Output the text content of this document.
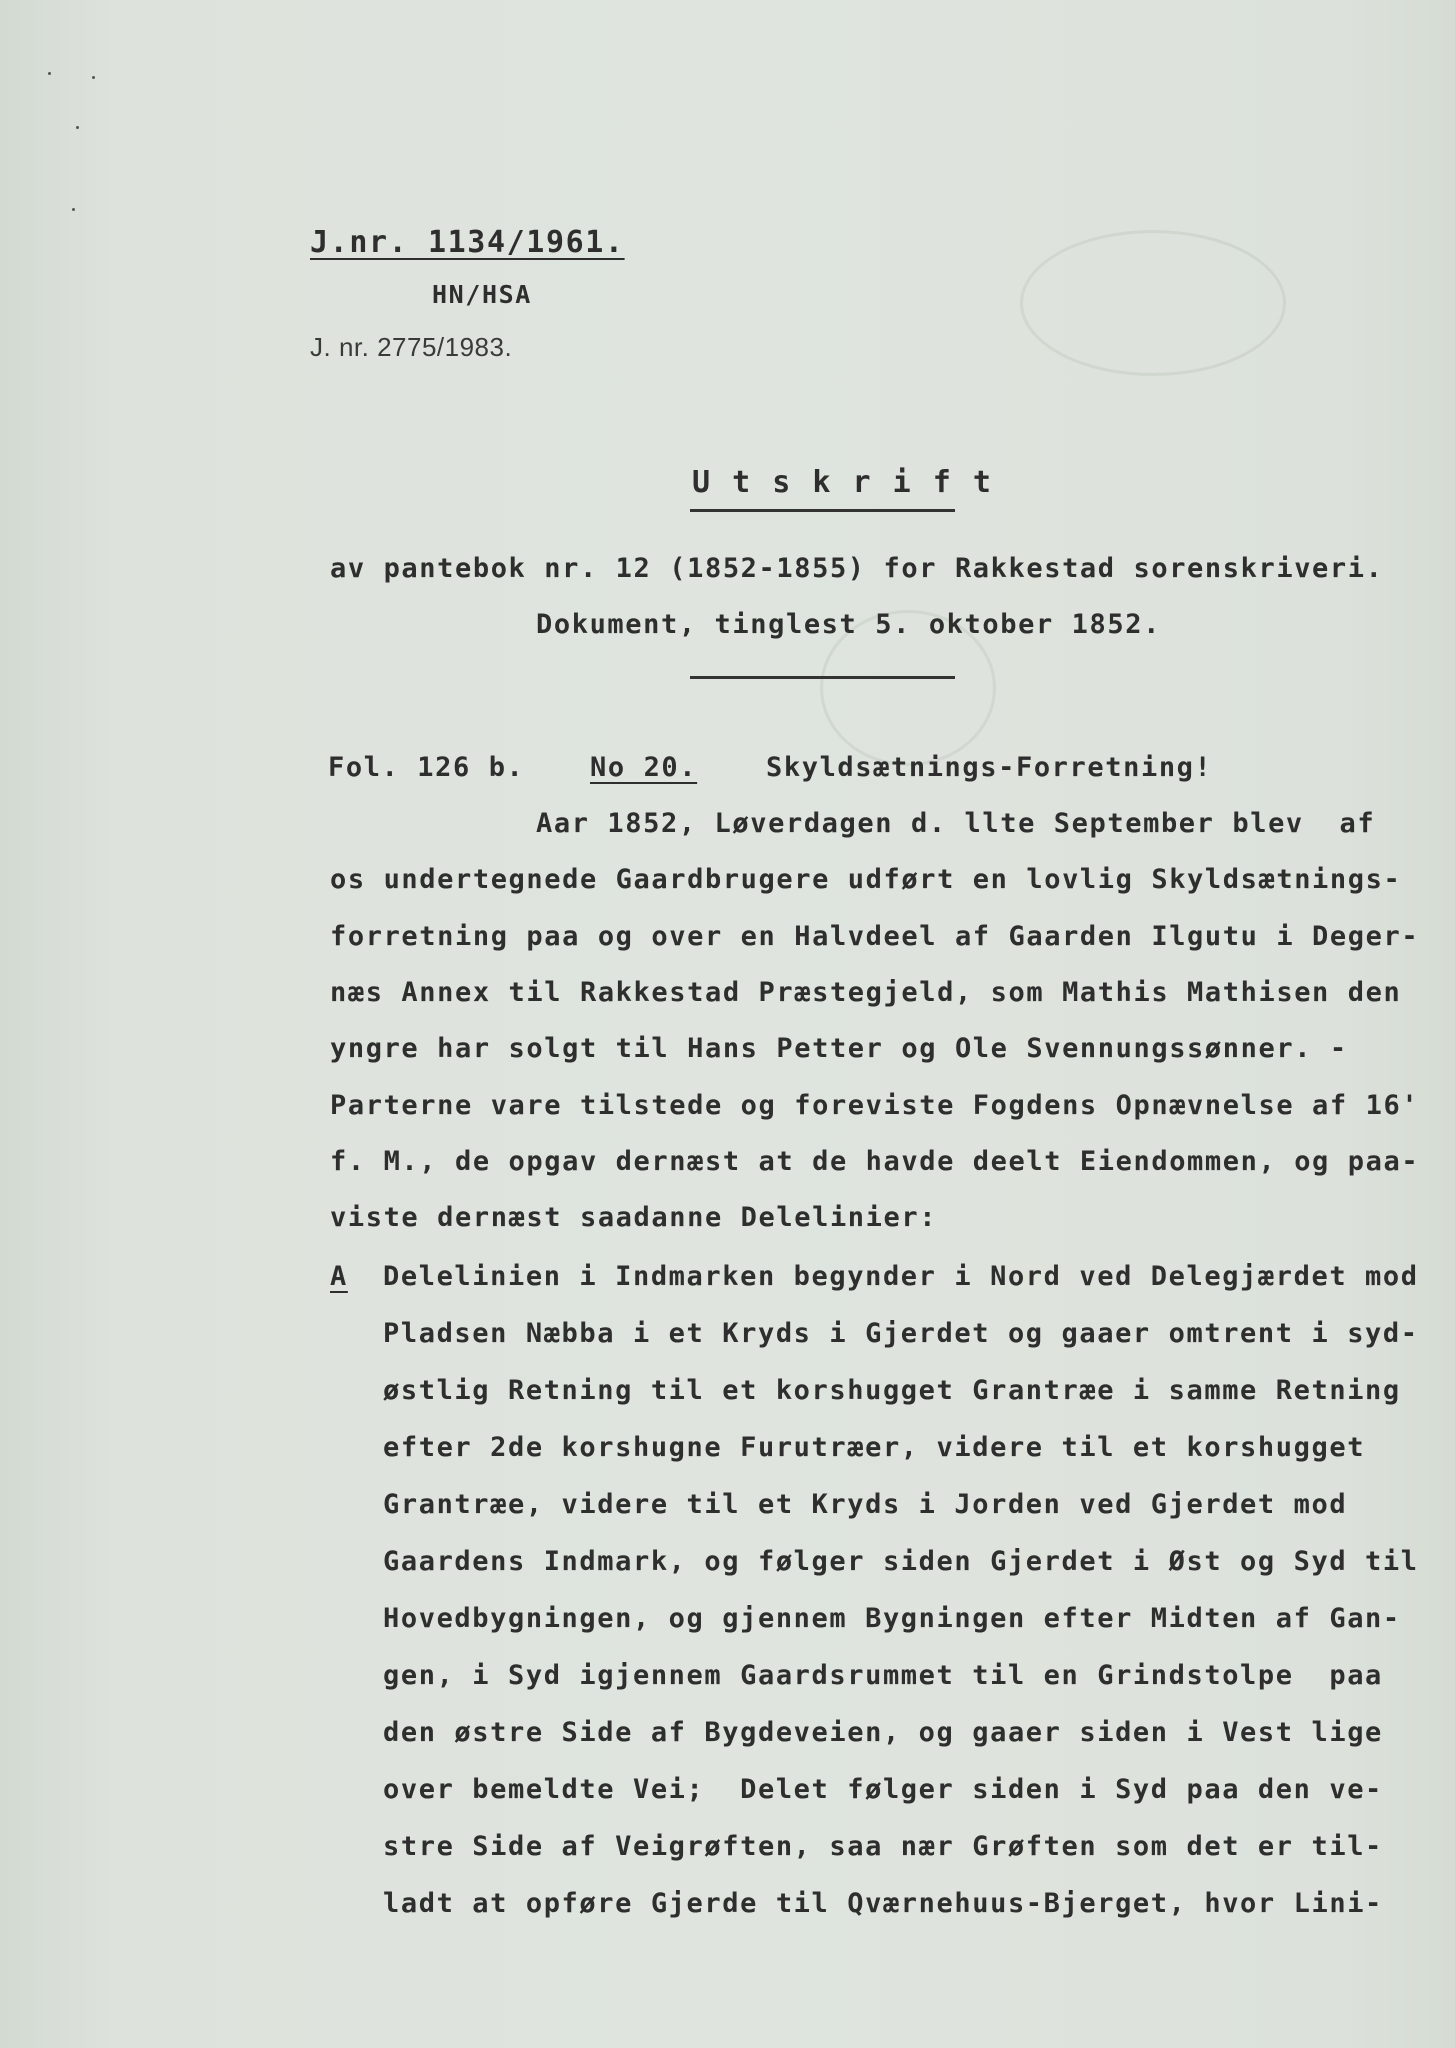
J.nr. 1134/1961.
HN/HSA
J. nr. 2775/1983.
U t s k r i f t
av pantebok nr. 12 (1852-1855) for Rakkestad sorenskriveri.
Dokument, tinglest 5. oktober 1852.
Fol. 126 b. No 20.	Skyldsætnings-Forretning!
Aar 1852, Løverdagen d. llte September blev  af
os undertegnede Gaardbrugere udført en lovlig Skyldsætnings-
forretning paa og over en Halvdeel af Gaarden Ilgutu i Deger-
næs Annex til Rakkestad Præstegjeld, som Mathis Mathisen den
yngre har solgt til Hans Petter og Ole Svennungssønner. -
Parterne vare tilstede og foreviste Fogdens Opnævnelse af 16'
f. M., de opgav dernæst at de havde deelt Eiendommen, og paa-
viste dernæst saadanne Delelinier:
A Delelinien i Indmarken begynder i Nord ved Delegjærdet mod
Pladsen Næbba i et Kryds i Gjerdet og gaaer omtrent i syd-
østlig Retning til et korshugget Grantræe i samme Retning
efter 2de korshugne Furutræer, videre til et korshugget
Grantræe, videre til et Kryds i Jorden ved Gjerdet mod
Gaardens Indmark, og følger siden Gjerdet i Øst og Syd til
Hovedbygningen, og gjennem Bygningen efter Midten af Gan-
gen, i Syd igjennem Gaardsrummet til en Grindstolpe  paa
den østre Side af Bygdeveien, og gaaer siden i Vest lige
over bemeldte Vei;  Delet følger siden i Syd paa den ve-
stre Side af Veigrøften, saa nær Grøften som det er til-
ladt at opføre Gjerde til Qværnehuus-Bjerget, hvor Lini-
